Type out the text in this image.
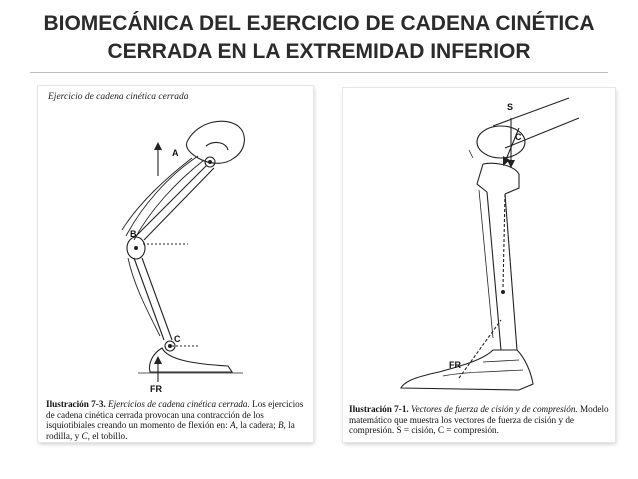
BIOMECÁNICA DEL EJERCICIO DE CADENA CINÉTICA
CERRADA EN LA EXTREMIDAD INFERIOR
Ejercicio de cadena cinética cerrada
A
B
C
FR
Ilustración 7-3. Ejercicios de cadena cinética cerrada. Los ejercicios de cadena cinética cerrada provocan una contracción de los isquiotibiales creando un momento de flexión en: A, la cadera; B, la rodilla, y C, el tobillo.
S
C
FR
Ilustración 7-1. Vectores de fuerza de cisión y de compresión. Modelo matemático que muestra los vectores de fuerza de cisión y de compresión. S = cisión, C = compresión.
